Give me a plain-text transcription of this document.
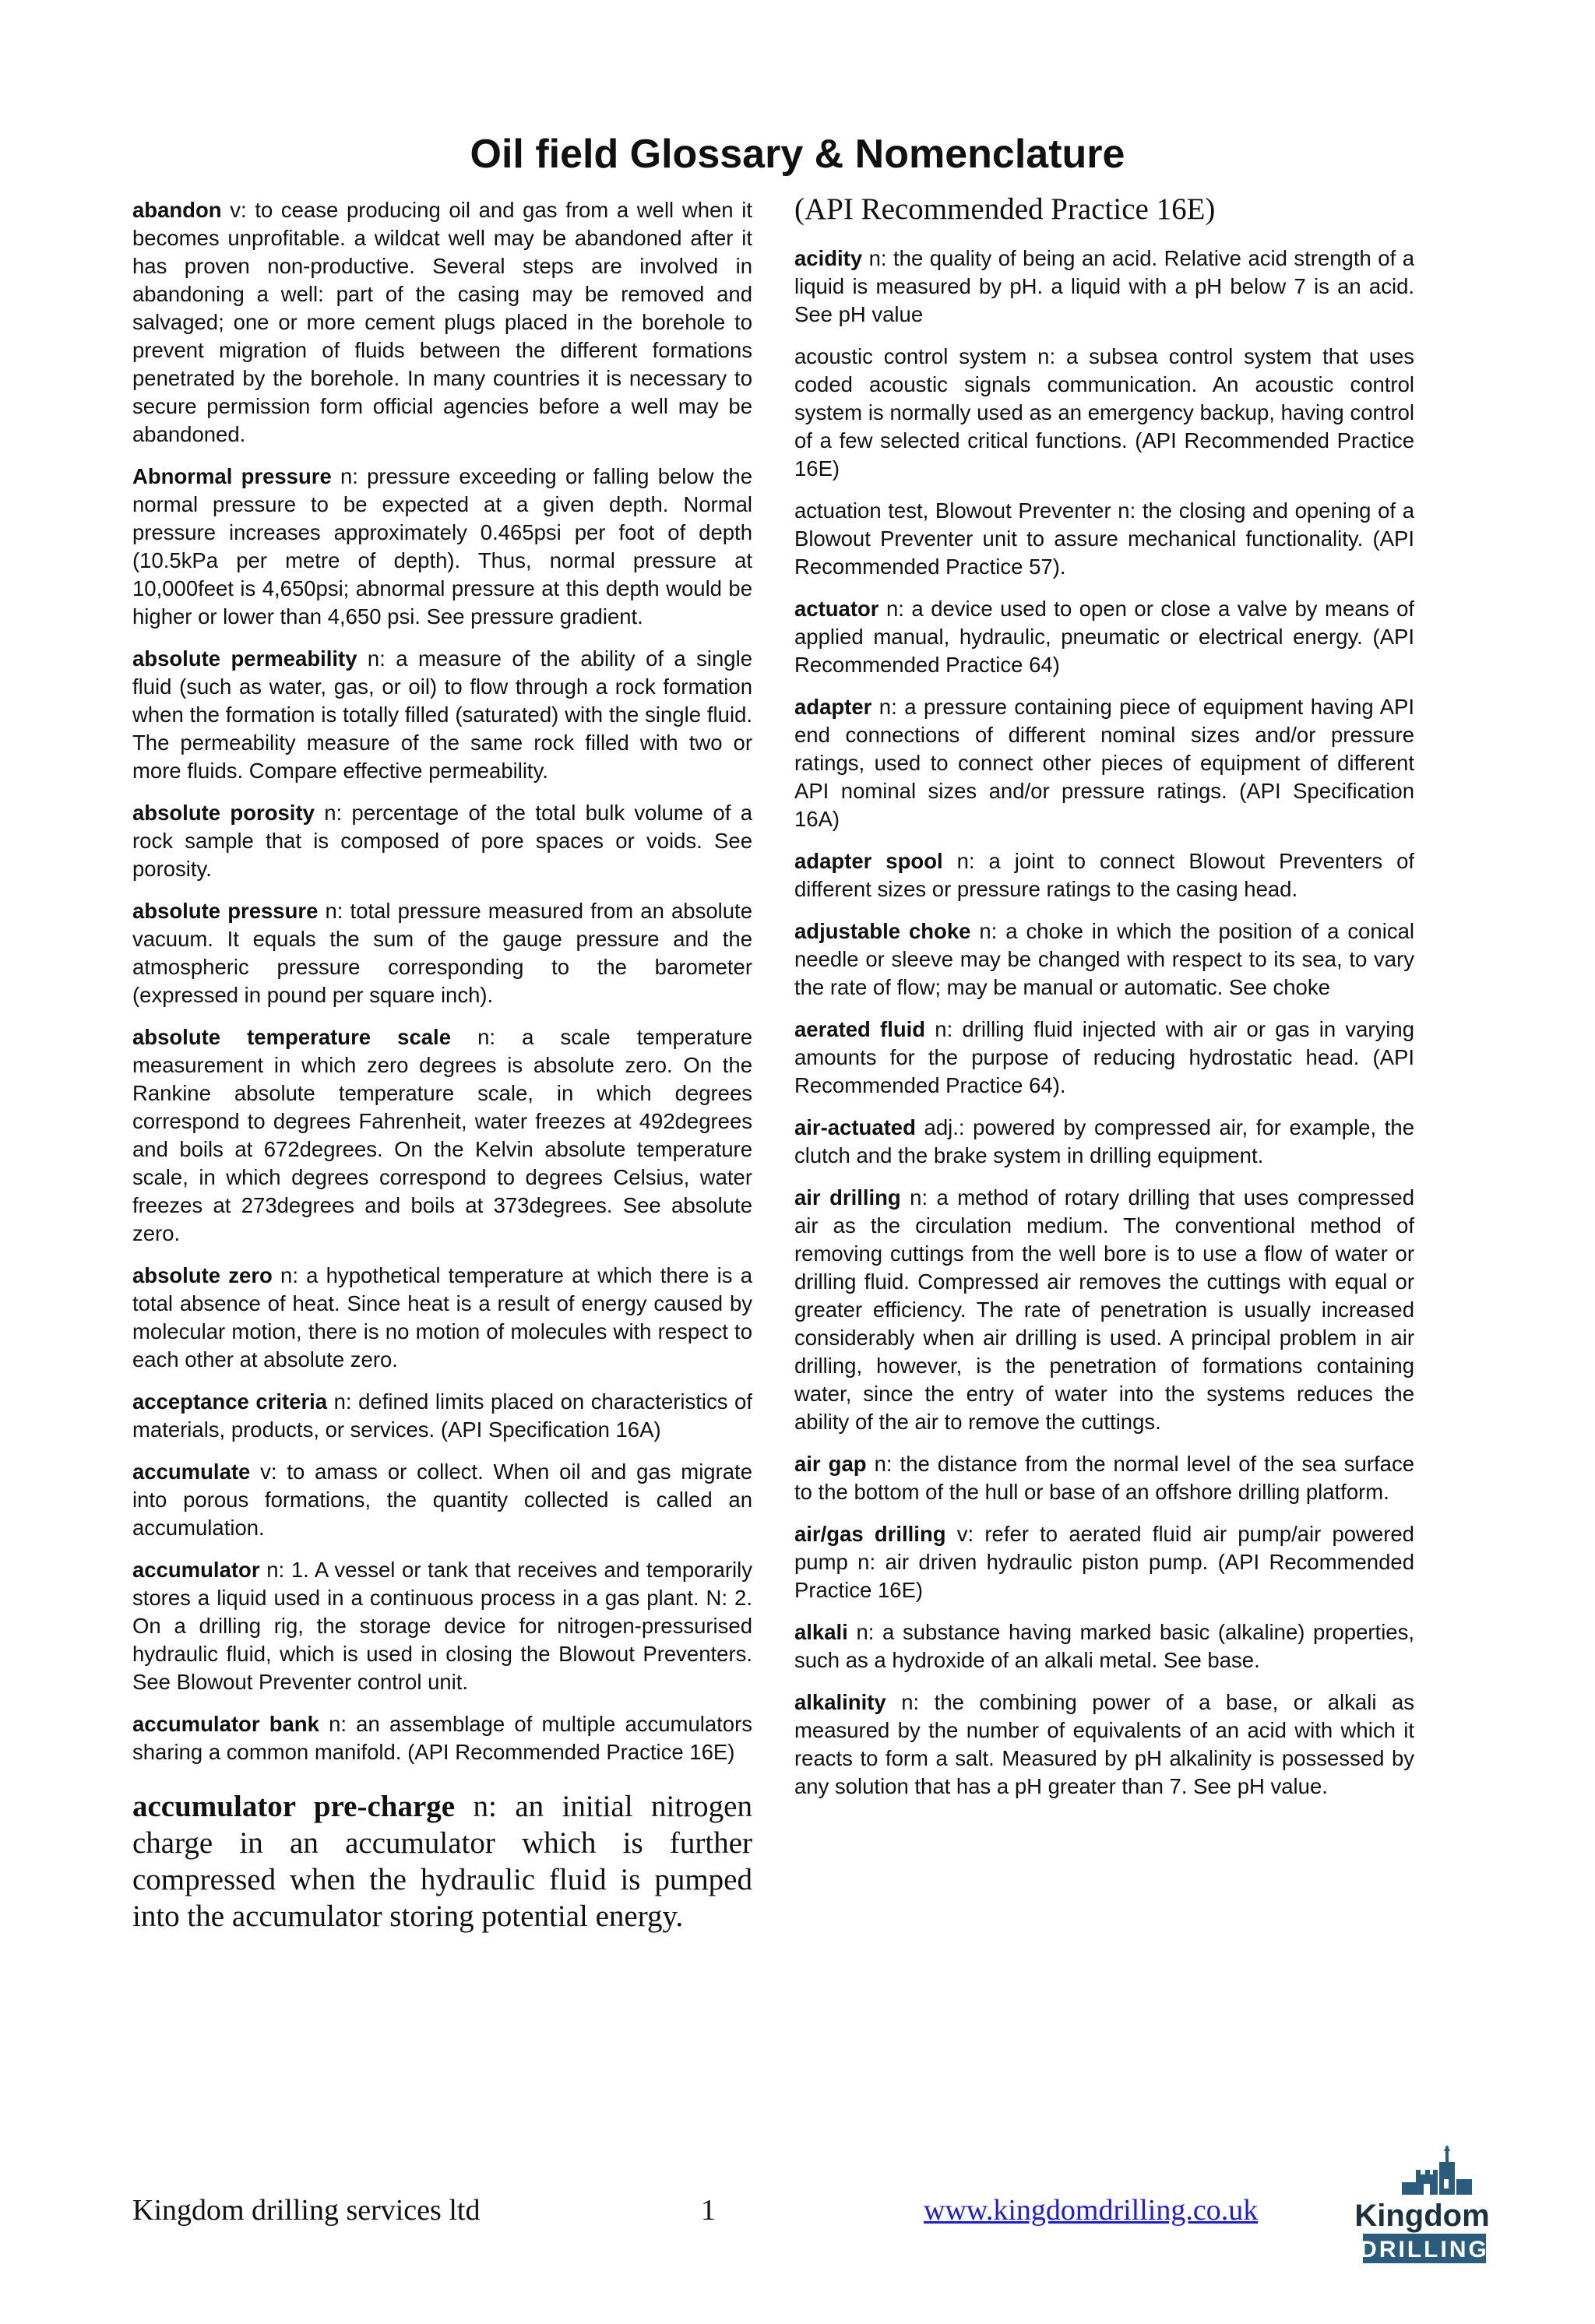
Oil field Glossary & Nomenclature

abandon v: to cease producing oil and gas from a well when it becomes unprofitable. a wildcat well may be abandoned after it has proven non-productive. Several steps are involved in abandoning a well: part of the casing may be removed and salvaged; one or more cement plugs placed in the borehole to prevent migration of fluids between the different formations penetrated by the borehole. In many countries it is necessary to secure permission form official agencies before a well may be abandoned.

Abnormal pressure n: pressure exceeding or falling below the normal pressure to be expected at a given depth. Normal pressure increases approximately 0.465psi per foot of depth (10.5kPa per metre of depth). Thus, normal pressure at 10,000feet is 4,650psi; abnormal pressure at this depth would be higher or lower than 4,650 psi. See pressure gradient.

absolute permeability n: a measure of the ability of a single fluid (such as water, gas, or oil) to flow through a rock formation when the formation is totally filled (saturated) with the single fluid. The permeability measure of the same rock filled with two or more fluids. Compare effective permeability.

absolute porosity n: percentage of the total bulk volume of a rock sample that is composed of pore spaces or voids. See porosity.

absolute pressure n: total pressure measured from an absolute vacuum. It equals the sum of the gauge pressure and the atmospheric pressure corresponding to the barometer (expressed in pound per square inch).

absolute temperature scale n: a scale temperature measurement in which zero degrees is absolute zero. On the Rankine absolute temperature scale, in which degrees correspond to degrees Fahrenheit, water freezes at 492degrees and boils at 672degrees. On the Kelvin absolute temperature scale, in which degrees correspond to degrees Celsius, water freezes at 273degrees and boils at 373degrees. See absolute zero.

absolute zero n: a hypothetical temperature at which there is a total absence of heat. Since heat is a result of energy caused by molecular motion, there is no motion of molecules with respect to each other at absolute zero.

acceptance criteria n: defined limits placed on characteristics of materials, products, or services. (API Specification 16A)

accumulate v: to amass or collect. When oil and gas migrate into porous formations, the quantity collected is called an accumulation.

accumulator n: 1. A vessel or tank that receives and temporarily stores a liquid used in a continuous process in a gas plant. N: 2. On a drilling rig, the storage device for nitrogen-pressurised hydraulic fluid, which is used in closing the Blowout Preventers. See Blowout Preventer control unit.

accumulator bank n: an assemblage of multiple accumulators sharing a common manifold. (API Recommended Practice 16E)

accumulator pre-charge n: an initial nitrogen charge in an accumulator which is further compressed when the hydraulic fluid is pumped into the accumulator storing potential energy.

(API Recommended Practice 16E)

acidity n: the quality of being an acid. Relative acid strength of a liquid is measured by pH. a liquid with a pH below 7 is an acid. See pH value

acoustic control system n: a subsea control system that uses coded acoustic signals communication. An acoustic control system is normally used as an emergency backup, having control of a few selected critical functions. (API Recommended Practice 16E)

actuation test, Blowout Preventer n: the closing and opening of a Blowout Preventer unit to assure mechanical functionality. (API Recommended Practice 57).

actuator n: a device used to open or close a valve by means of applied manual, hydraulic, pneumatic or electrical energy. (API Recommended Practice 64)

adapter n: a pressure containing piece of equipment having API end connections of different nominal sizes and/or pressure ratings, used to connect other pieces of equipment of different API nominal sizes and/or pressure ratings. (API Specification 16A)

adapter spool n: a joint to connect Blowout Preventers of different sizes or pressure ratings to the casing head.

adjustable choke n: a choke in which the position of a conical needle or sleeve may be changed with respect to its sea, to vary the rate of flow; may be manual or automatic. See choke

aerated fluid n: drilling fluid injected with air or gas in varying amounts for the purpose of reducing hydrostatic head. (API Recommended Practice 64).

air-actuated adj.: powered by compressed air, for example, the clutch and the brake system in drilling equipment.

air drilling n: a method of rotary drilling that uses compressed air as the circulation medium. The conventional method of removing cuttings from the well bore is to use a flow of water or drilling fluid. Compressed air removes the cuttings with equal or greater efficiency. The rate of penetration is usually increased considerably when air drilling is used. A principal problem in air drilling, however, is the penetration of formations containing water, since the entry of water into the systems reduces the ability of the air to remove the cuttings.

air gap n: the distance from the normal level of the sea surface to the bottom of the hull or base of an offshore drilling platform.

air/gas drilling v: refer to aerated fluid air pump/air powered pump n: air driven hydraulic piston pump. (API Recommended Practice 16E)

alkali n: a substance having marked basic (alkaline) properties, such as a hydroxide of an alkali metal. See base.

alkalinity n: the combining power of a base, or alkali as measured by the number of equivalents of an acid with which it reacts to form a salt. Measured by pH alkalinity is possessed by any solution that has a pH greater than 7. See pH value.

Kingdom drilling services ltd	1	www.kingdomdrilling.co.uk	Kingdom
DRILLING
